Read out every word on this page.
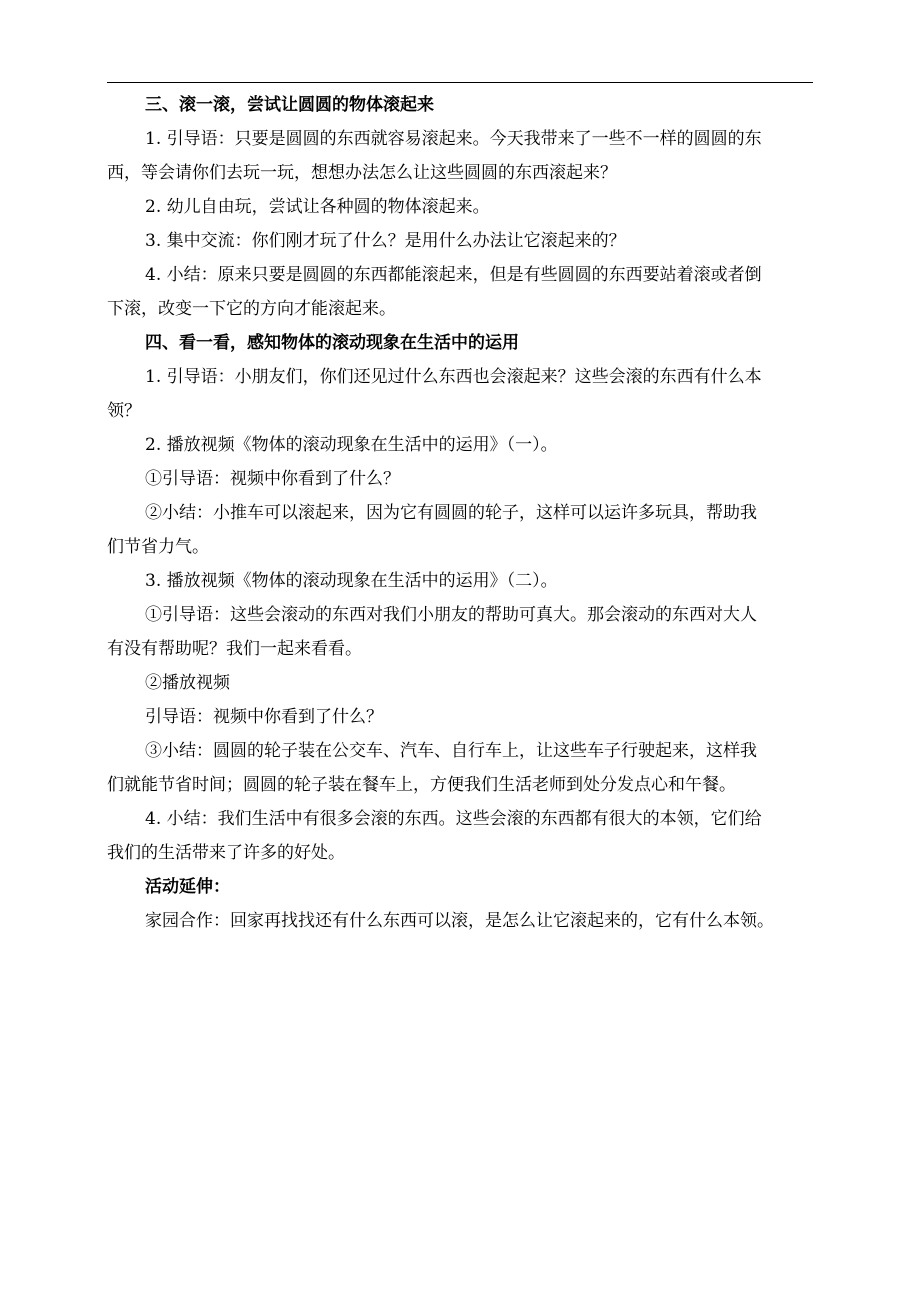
三、滚一滚，尝试让圆圆的物体滚起来
1. 引导语：只要是圆圆的东西就容易滚起来。今天我带来了一些不一样的圆圆的东
西，等会请你们去玩一玩，想想办法怎么让这些圆圆的东西滚起来？
2. 幼儿自由玩，尝试让各种圆的物体滚起来。
3. 集中交流：你们刚才玩了什么？是用什么办法让它滚起来的？
4. 小结：原来只要是圆圆的东西都能滚起来，但是有些圆圆的东西要站着滚或者倒
下滚，改变一下它的方向才能滚起来。
四、看一看，感知物体的滚动现象在生活中的运用
1. 引导语：小朋友们，你们还见过什么东西也会滚起来？这些会滚的东西有什么本
领？
2. 播放视频《物体的滚动现象在生活中的运用》（一）。
①引导语：视频中你看到了什么？
②小结：小推车可以滚起来，因为它有圆圆的轮子，这样可以运许多玩具，帮助我
们节省力气。
3. 播放视频《物体的滚动现象在生活中的运用》（二）。
①引导语：这些会滚动的东西对我们小朋友的帮助可真大。那会滚动的东西对大人
有没有帮助呢？我们一起来看看。
②播放视频
引导语：视频中你看到了什么？
③小结：圆圆的轮子装在公交车、汽车、自行车上，让这些车子行驶起来，这样我
们就能节省时间；圆圆的轮子装在餐车上，方便我们生活老师到处分发点心和午餐。
4. 小结：我们生活中有很多会滚的东西。这些会滚的东西都有很大的本领，它们给
我们的生活带来了许多的好处。
活动延伸：
家园合作：回家再找找还有什么东西可以滚，是怎么让它滚起来的，它有什么本领。
